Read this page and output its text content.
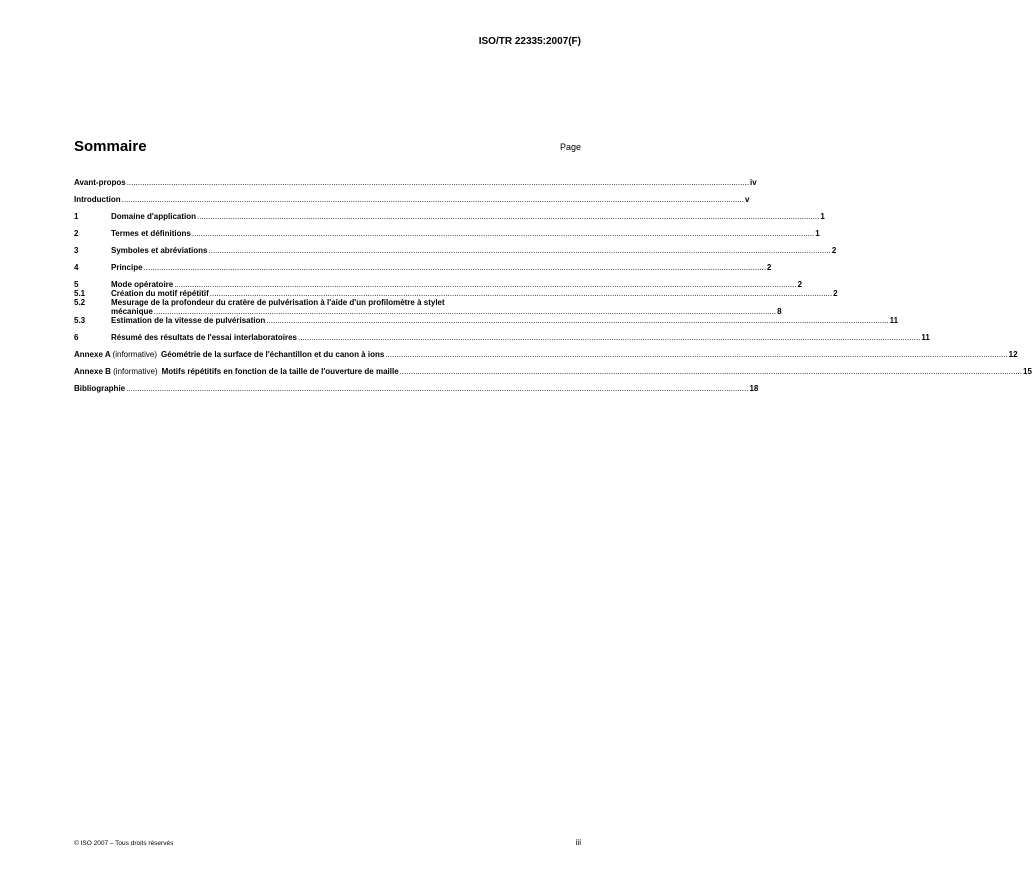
ISO/TR 22335:2007(F)
Sommaire	Page
Avant-propos .....	iv
Introduction .....	v
1	Domaine d'application .....	1
2	Termes et définitions .....	1
3	Symboles et abréviations .....	2
4	Principe .....	2
5	Mode opératoire .....	2
5.1	Création du motif répétitif .....	2
5.2	Mesurage de la profondeur du cratère de pulvérisation à l'aide d'un profilomètre à stylet
mécanique .....	8
5.3	Estimation de la vitesse de pulvérisation .....	11
6	Résumé des résultats de l'essai interlaboratoires .....	11
Annexe A (informative) Géométrie de la surface de l'échantillon et du canon à ions .....	12
Annexe B (informative) Motifs répétitifs en fonction de la taille de l'ouverture de maille .....	15
Bibliographie .....	18
© ISO 2007 – Tous droits réservés	iii
